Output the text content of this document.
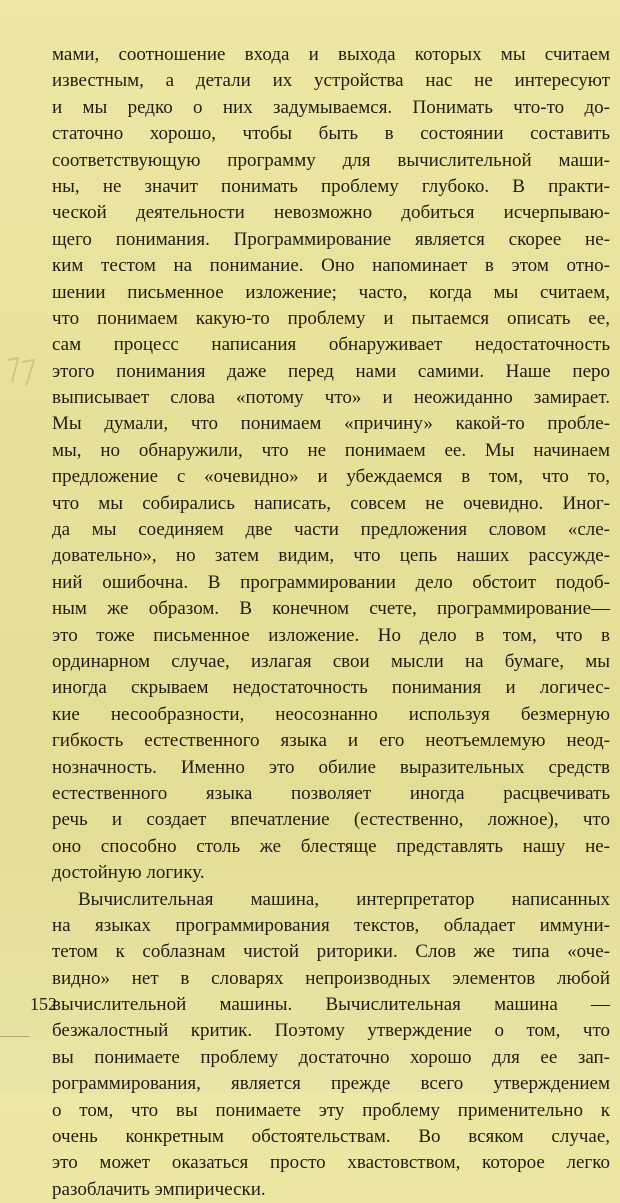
мами, соотношение входа и выхода которых мы считаем
известным, а детали их устройства нас не интересуют
и мы редко о них задумываемся. Понимать что-то до-
статочно хорошо, чтобы быть в состоянии составить
соответствующую программу для вычислительной маши-
ны, не значит понимать проблему глубоко. В практи-
ческой деятельности невозможно добиться исчерпываю-
щего понимания. Программирование является скорее не-
ким тестом на понимание. Оно напоминает в этом отно-
шении письменное изложение; часто, когда мы считаем,
что понимаем какую-то проблему и пытаемся описать ее,
сам процесс написания обнаруживает недостаточность
этого понимания даже перед нами самими. Наше перо
выписывает слова «потому что» и неожиданно замирает.
Мы думали, что понимаем «причину» какой-то пробле-
мы, но обнаружили, что не понимаем ее. Мы начинаем
предложение с «очевидно» и убеждаемся в том, что то,
что мы собирались написать, совсем не очевидно. Иног-
да мы соединяем две части предложения словом «сле-
довательно», но затем видим, что цепь наших рассужде-
ний ошибочна. В программировании дело обстоит подоб-
ным же образом. В конечном счете, программирование—
это тоже письменное изложение. Но дело в том, что в
ординарном случае, излагая свои мысли на бумаге, мы
иногда скрываем недостаточность понимания и логичес-
кие несообразности, неосознанно используя безмерную
гибкость естественного языка и его неотъемлемую неод-
нозначность. Именно это обилие выразительных средств
естественного языка позволяет иногда расцвечивать
речь и создает впечатление (естественно, ложное), что
оно способно столь же блестяще представлять нашу не-
достойную логику.
Вычислительная машина, интерпретатор написанных
на языках программирования текстов, обладает иммуни-
тетом к соблазнам чистой риторики. Слов же типа «оче-
видно» нет в словарях непроизводных элементов любой
вычислительной машины. Вычислительная машина —
безжалостный критик. Поэтому утверждение о том, что
вы понимаете проблему достаточно хорошо для ее зап-
рограммирования, является прежде всего утверждением
о том, что вы понимаете эту проблему применительно к
очень конкретным обстоятельствам. Во всяком случае,
это может оказаться просто хвастовством, которое легко
разоблачить эмпирически.
152
